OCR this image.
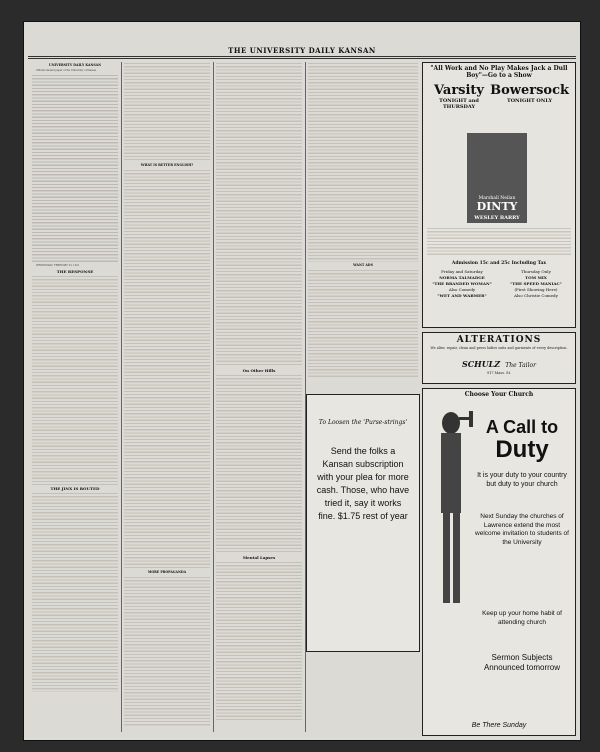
THE UNIVERSITY DAILY KANSAN
UNIVERSITY DAILY KANSAN

Official student paper of the University of Kansas

WEDNESDAY, FEBRUARY 23, 1921

THE RESPONSE
THE JINX IS ROUTED
WHAT IS BETTER ENGLISH?
MORE PROPAGANDA
On Other Hills
Mental Lapses
WANT ADS
"All Work and No Play Makes Jack a Dull Boy"—Go to a Show
Varsity
TONIGHT and THURSDAY
Bowersock
TONIGHT ONLY
Marshall Neilan
DINTY
WESLEY BARRY
Admission 15c and 25c Including Tax
Friday and Saturday
NORMA TALMADGE
"THE BRANDED WOMAN"
Also Comedy
"WET AND WARMER"
Thursday Only
TOM MIX
"THE SPEED MANIAC"
(First Showing Here)
Also Christie Comedy
ALTERATIONS
We alter, repair, clean and press ladies suits and garments of every description.
SCHULZ The Tailor
917 Mass. St.
To Loosen the 'Purse-strings'
Send the folks a Kansan subscription with your plea for more cash. Those, who have tried it, say it works fine. $1.75 rest of year
Choose Your Church
A Call to
Duty
It is your duty to your country but duty to your church
Next Sunday the churches of Lawrence extend the most welcome invitation to students of the University
Keep up your home habit of attending church
Sermon Subjects Announced tomorrow
Be There Sunday
